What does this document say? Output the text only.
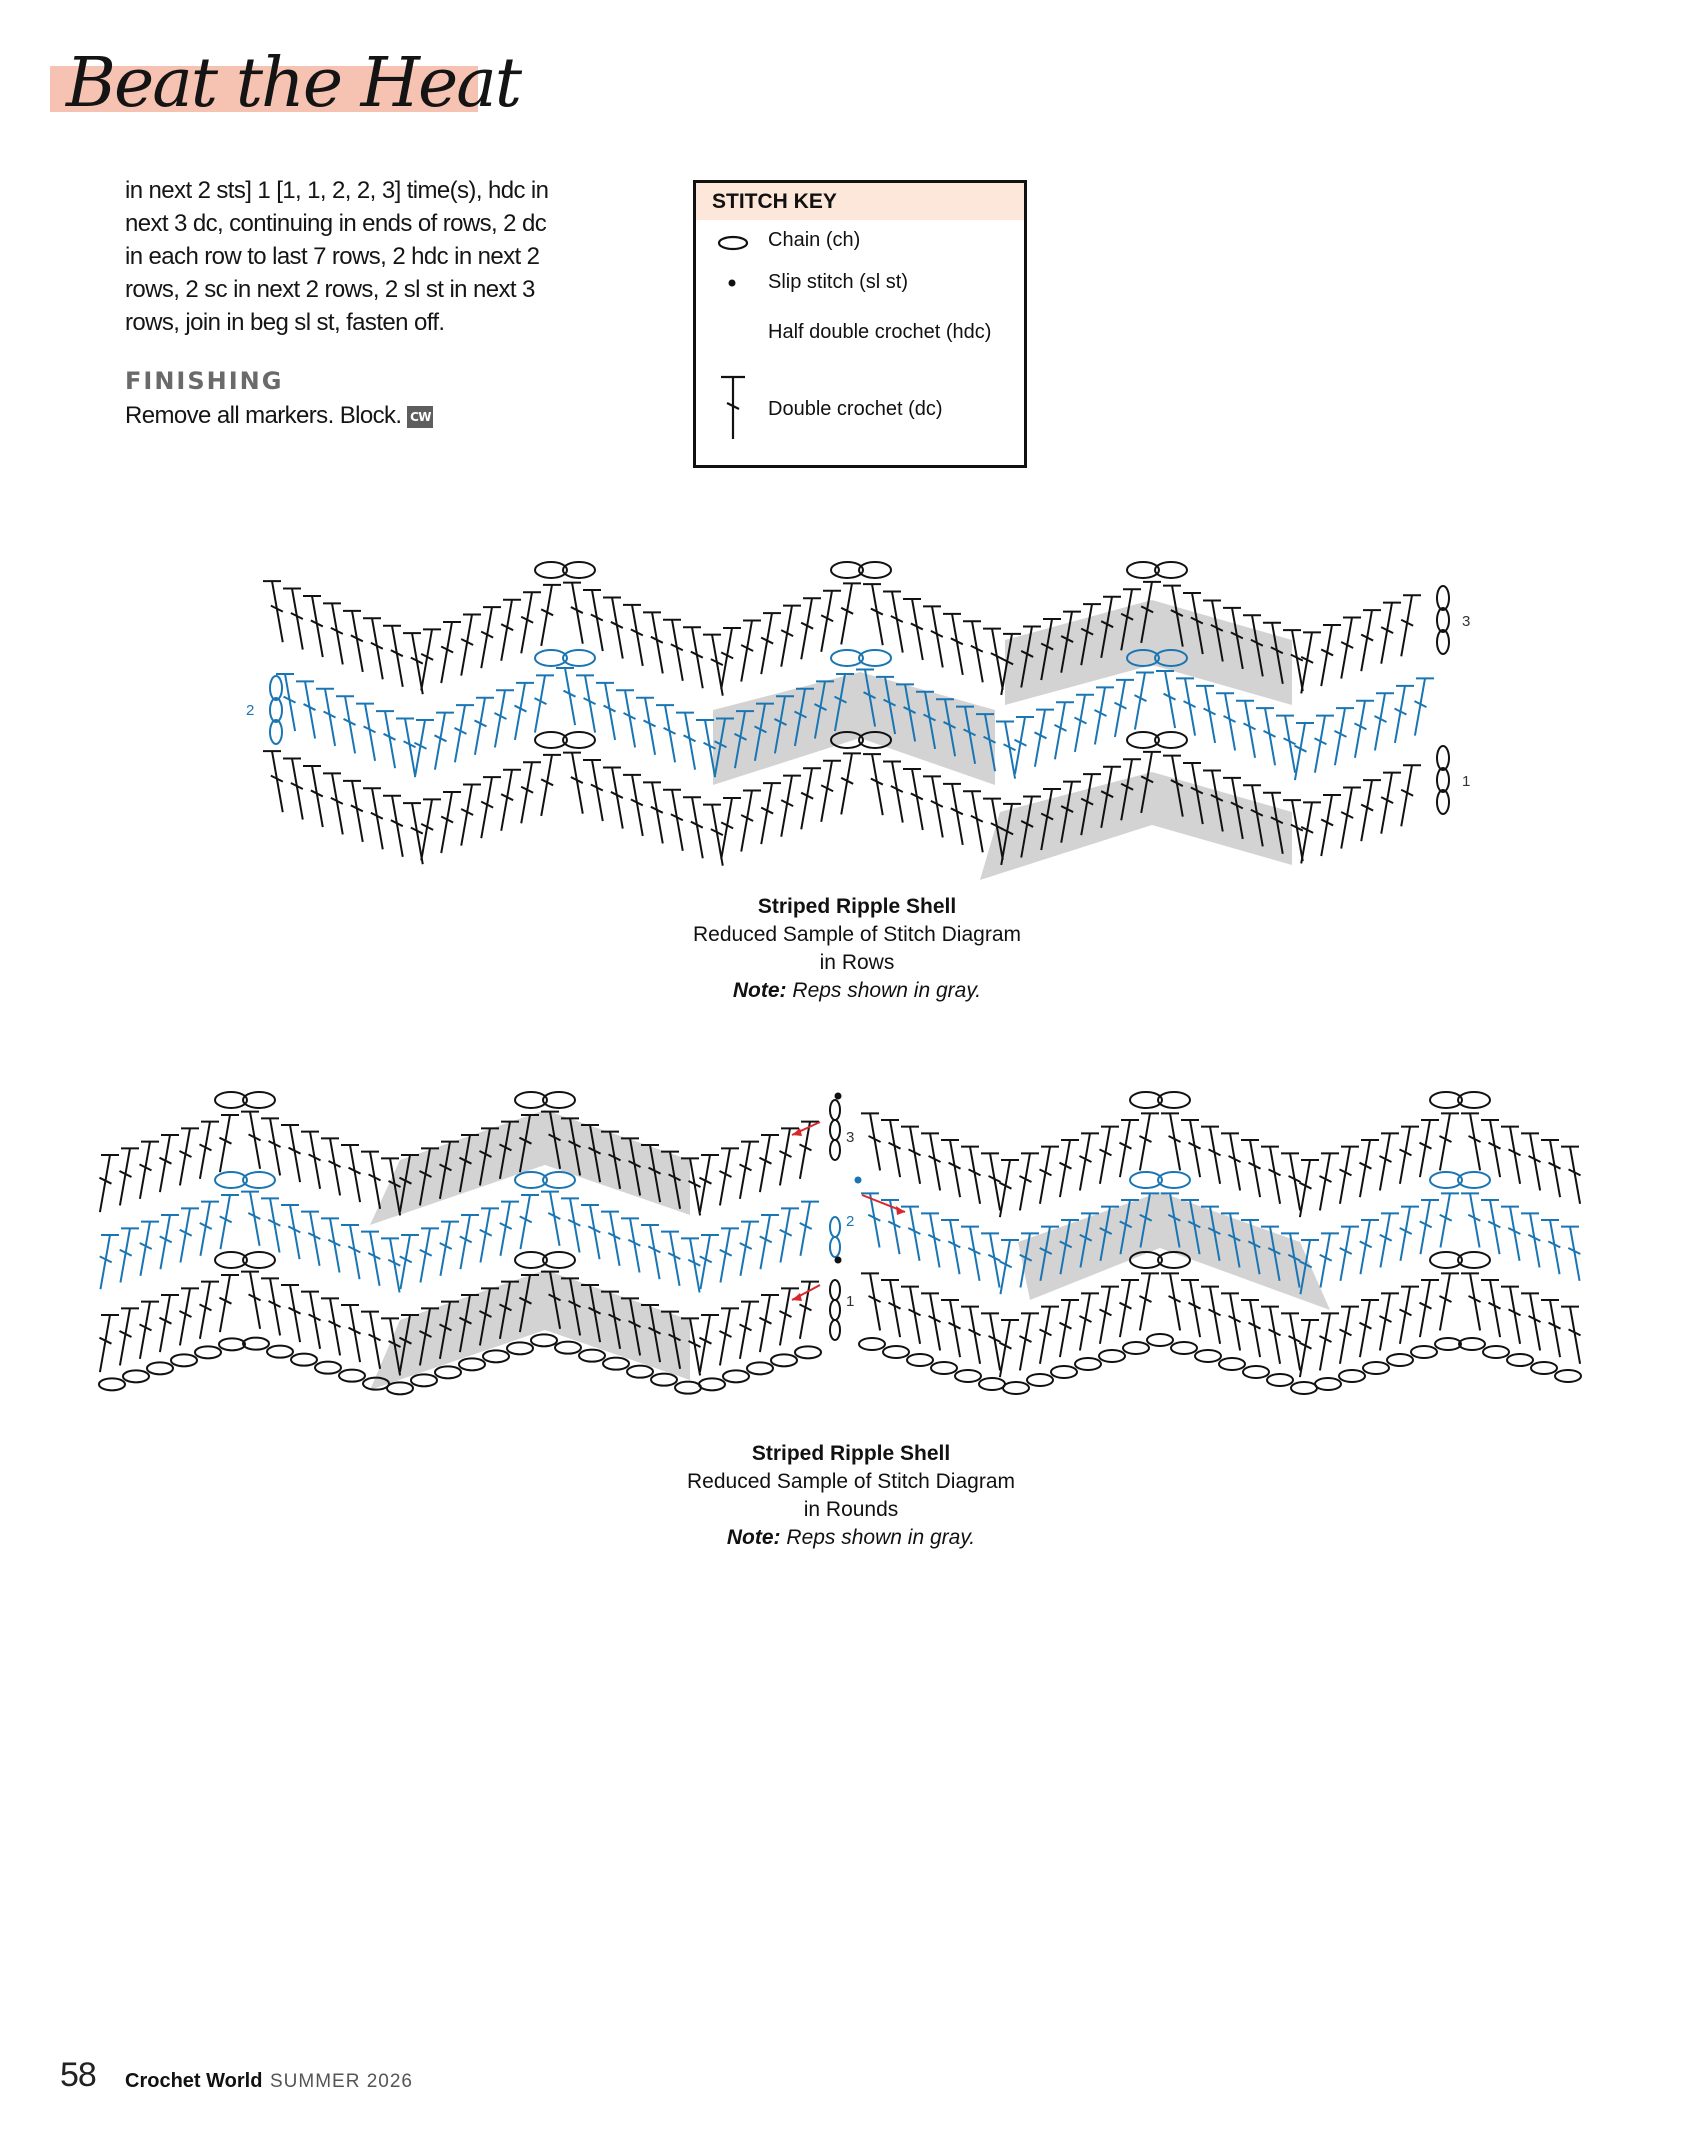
Beat the Heat
in next 2 sts] 1 [1, 1, 2, 2, 3] time(s), hdc in
next 3 dc, continuing in ends of rows, 2 dc
in each row to last 7 rows, 2 hdc in next 2
rows, 2 sc in next 2 rows, 2 sl st in next 3
rows, join in beg sl st, fasten off.
FINISHING
Remove all markers. Block. CW
STITCH KEY
Chain (ch)
Slip stitch (sl st)
Half double crochet (hdc)
Double crochet (dc)
3
2
1
Striped Ripple Shell
Reduced Sample of Stitch Diagram
in Rows
Note: Reps shown in gray.
3
2
1
Striped Ripple Shell
Reduced Sample of Stitch Diagram
in Rounds
Note: Reps shown in gray.
58 Crochet World SUMMER 2026
